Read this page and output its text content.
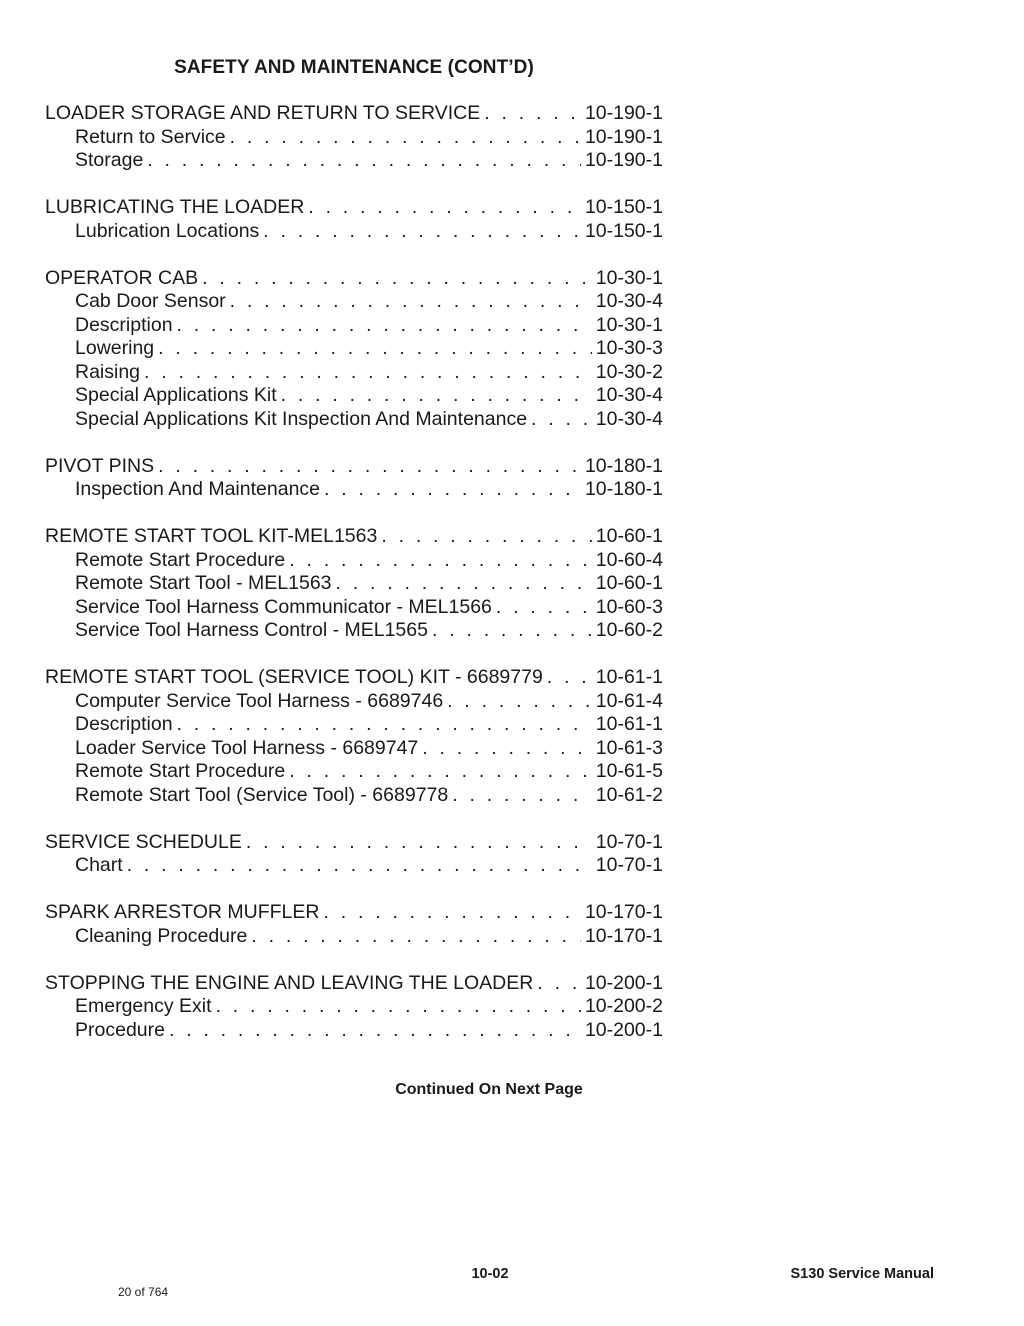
SAFETY AND MAINTENANCE (CONT’D)
LOADER STORAGE AND RETURN TO SERVICE . . .	10-190-1
Return to Service . . .	10-190-1
Storage . . .	10-190-1
LUBRICATING THE LOADER . . .	10-150-1
Lubrication Locations . . .	10-150-1
OPERATOR CAB . . .	10-30-1
Cab Door Sensor . . .	10-30-4
Description . . .	10-30-1
Lowering . . .	10-30-3
Raising . . .	10-30-2
Special Applications Kit . . .	10-30-4
Special Applications Kit Inspection And Maintenance . . .	10-30-4
PIVOT PINS . . .	10-180-1
Inspection And Maintenance . . .	10-180-1
REMOTE START TOOL KIT-MEL1563 . . .	10-60-1
Remote Start Procedure . . .	10-60-4
Remote Start Tool - MEL1563 . . .	10-60-1
Service Tool Harness Communicator - MEL1566 . . .	10-60-3
Service Tool Harness Control - MEL1565 . . .	10-60-2
REMOTE START TOOL (SERVICE TOOL) KIT - 6689779 . . .	10-61-1
Computer Service Tool Harness - 6689746 . . .	10-61-4
Description . . .	10-61-1
Loader Service Tool Harness - 6689747 . . .	10-61-3
Remote Start Procedure . . .	10-61-5
Remote Start Tool (Service Tool) - 6689778 . . .	10-61-2
SERVICE SCHEDULE . . .	10-70-1
Chart . . .	10-70-1
SPARK ARRESTOR MUFFLER . . .	10-170-1
Cleaning Procedure . . .	10-170-1
STOPPING THE ENGINE AND LEAVING THE LOADER . . .	10-200-1
Emergency Exit . . .	10-200-2
Procedure . . .	10-200-1
Continued On Next Page
10-02	S130 Service Manual
20 of 764
